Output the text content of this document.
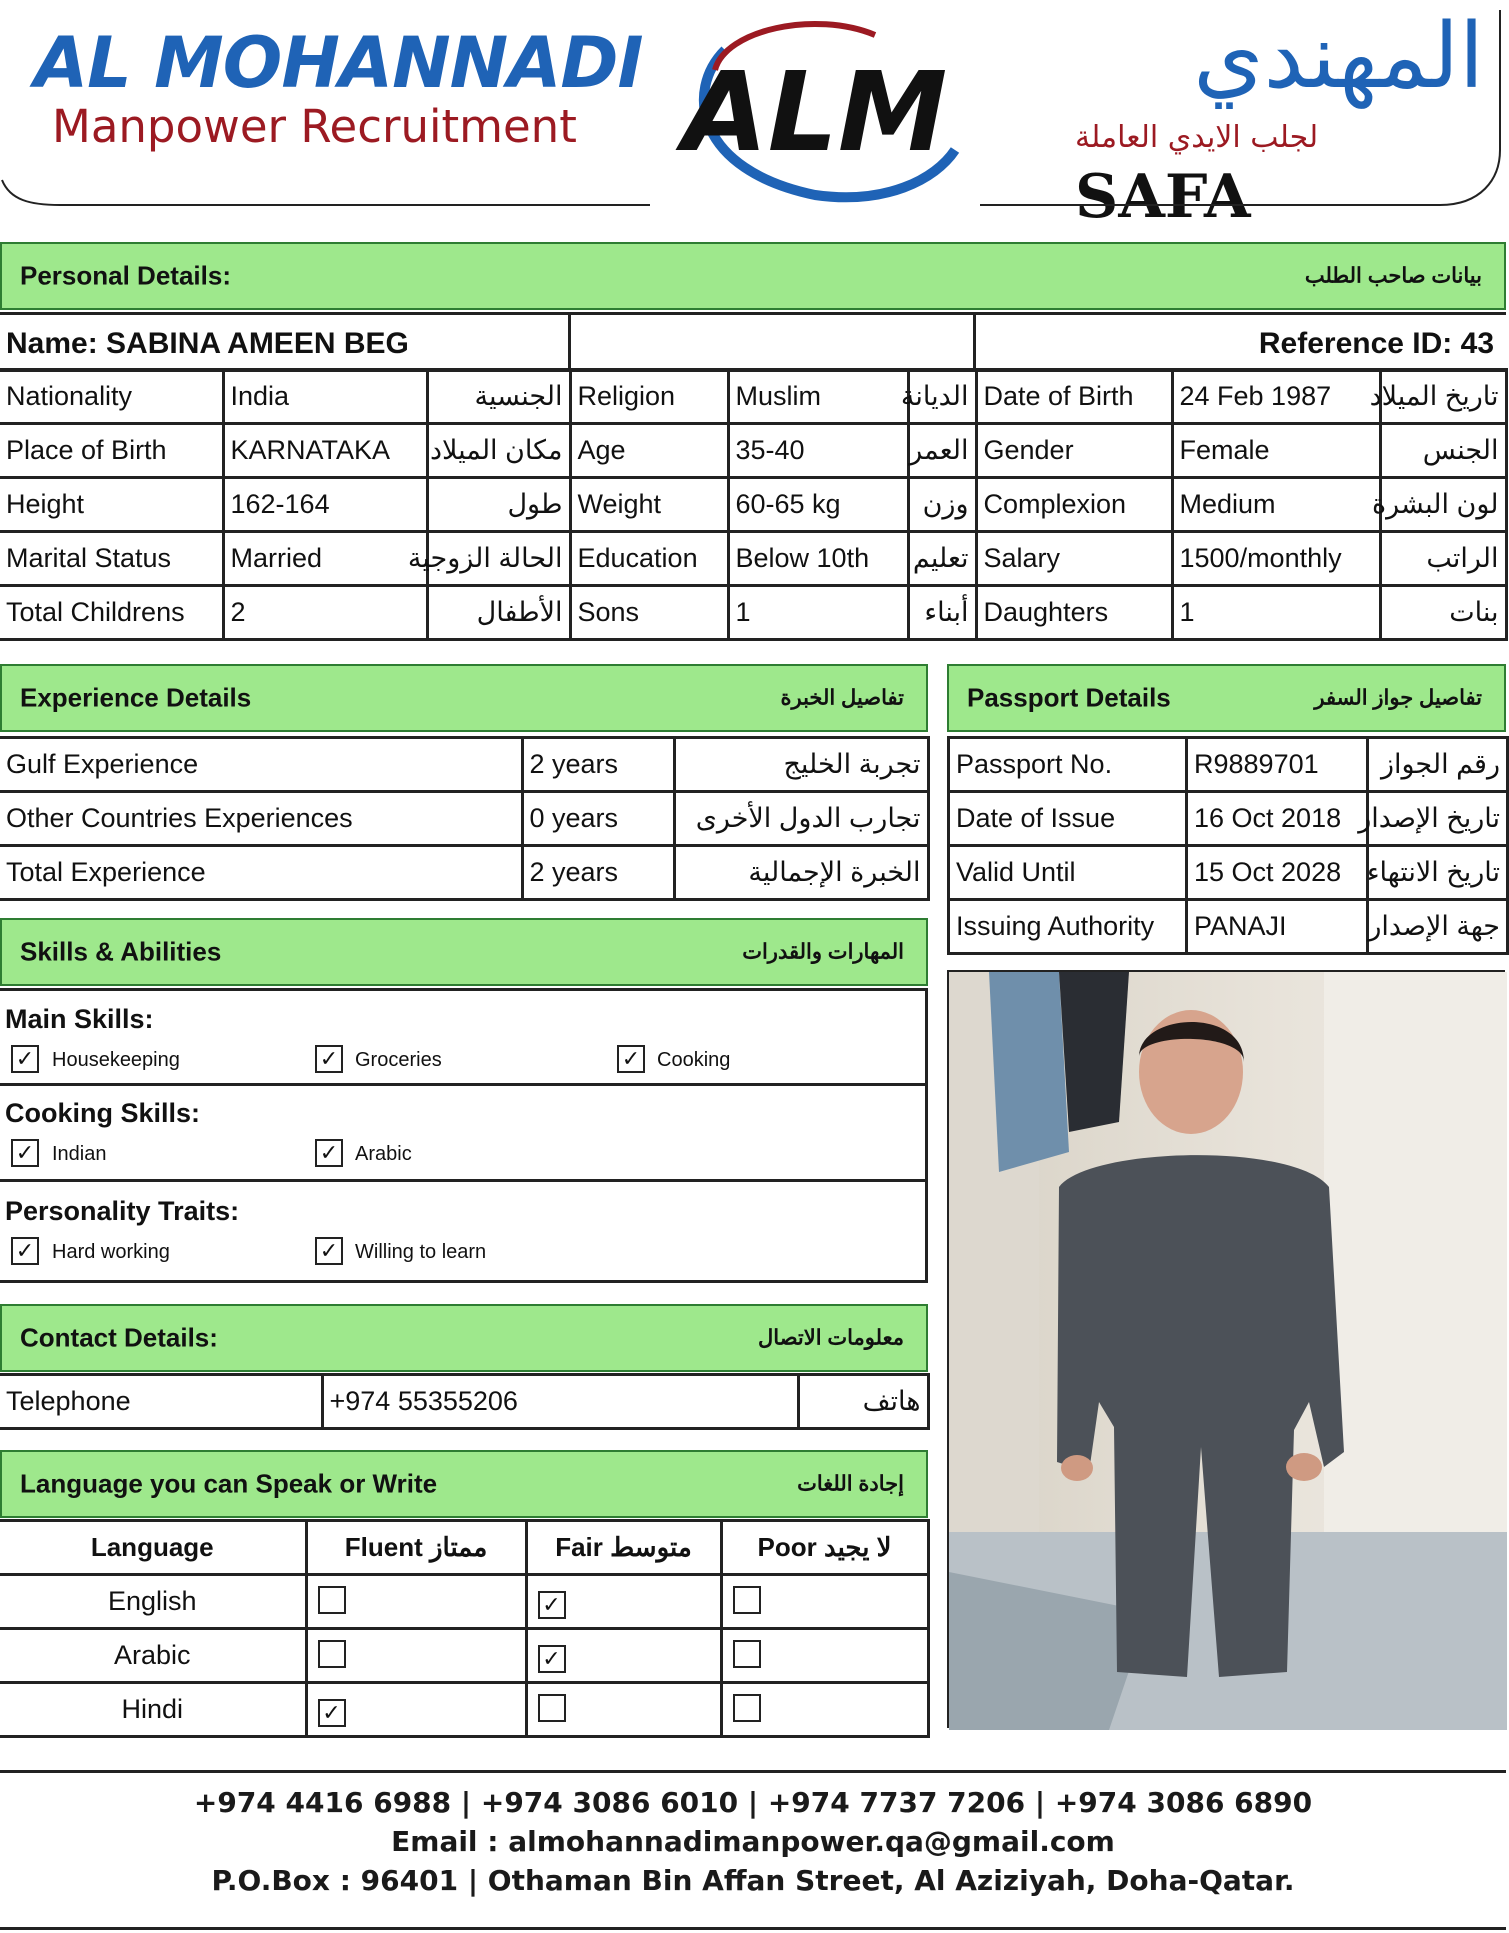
AL MOHANNADI
Manpower Recruitment ALM	المهندي
لجلب الايدي العاملة
SAFA
Personal Details:	بيانات صاحب الطلب
Name: SABINA AMEEN BEG	Reference ID: 43
Nationality	India	الجنسية	Religion	Muslim	الديانة	Date of Birth	24 Feb 1987	تاريخ الميلاد
Place of Birth	KARNATAKA	مكان الميلاد	Age	35-40	العمر	Gender	Female	الجنس
Height	162-164	طول	Weight	60-65 kg	وزن	Complexion	Medium	لون البشرة
Marital Status	Married	الحالة الزوجية	Education	Below 10th	تعليم	Salary	1500/monthly	الراتب
Total Childrens	2	الأطفال	Sons	1	أبناء	Daughters	1	بنات
Experience Details	تفاصيل الخبرة
Gulf Experience	2 years	تجربة الخليج
Other Countries Experiences	0 years	تجارب الدول الأخرى
Total Experience	2 years	الخبرة الإجمالية
Passport Details	تفاصيل جواز السفر
Passport No.	R9889701	رقم الجواز
Date of Issue	16 Oct 2018	تاريخ الإصدار
Valid Until	15 Oct 2028	تاريخ الانتهاء
Issuing Authority	PANAJI	جهة الإصدار
Skills & Abilities	المهارات والقدرات
Main Skills:
✓ Housekeeping	✓ Groceries	✓ Cooking
Cooking Skills:
✓ Indian	✓ Arabic
Personality Traits:
✓ Hard working	✓ Willing to learn
Contact Details:	معلومات الاتصال
Telephone	+974 55355206	هاتف
Language you can Speak or Write	إجادة اللغات
Language	Fluent ممتاز	Fair متوسط	Poor لا يجيد
English		✓	
Arabic		✓	
Hindi	✓		
+974 4416 6988 | +974 3086 6010 | +974 7737 7206 | +974 3086 6890
Email : almohannadimanpower.qa@gmail.com
P.O.Box : 96401 | Othaman Bin Affan Street, Al Aziziyah, Doha-Qatar.
